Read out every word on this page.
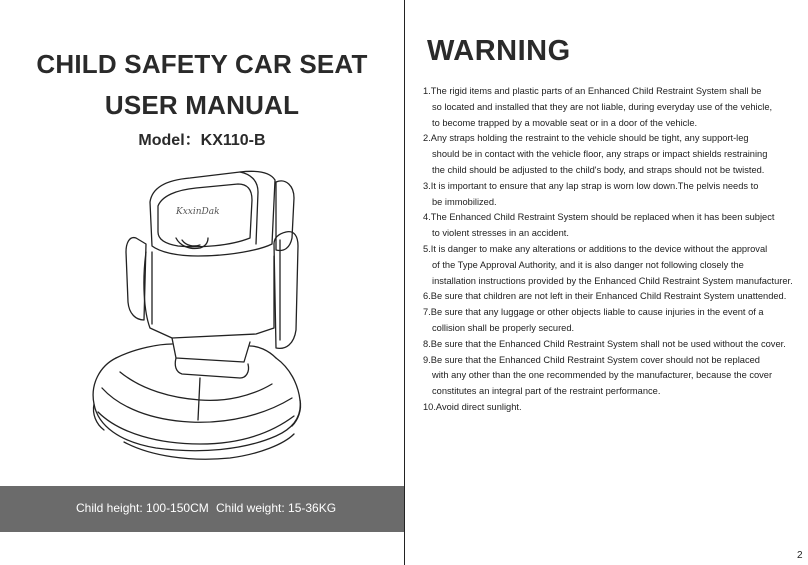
CHILD SAFETY CAR SEAT
USER MANUAL
Model：KX110-B
KxxinDak
Child height: 100-150CM Child weight: 15-36KG
WARNING
1.The rigid items and plastic parts of an Enhanced Child Restraint System shall be
so located and installed that they are not liable, during everyday use of the vehicle,
to become trapped by a movable seat or in a door of the vehicle.
2.Any straps holding the restraint to the vehicle should be tight, any support-leg
should be in contact with the vehicle floor, any straps or impact shields restraining
the child should be adjusted to the child's body, and straps should not be twisted.
3.It is important to ensure that any lap strap is worn low down.The pelvis needs to
be immobilized.
4.The Enhanced Child Restraint System should be replaced when it has been subject
to violent stresses in an accident.
5.It is danger to make any alterations or additions to the device without the approval
of the Type Approval Authority, and it is also danger not following closely the
installation instructions provided by the Enhanced Child Restraint System manufacturer.
6.Be sure that children are not left in their Enhanced Child Restraint System unattended.
7.Be sure that any luggage or other objects liable to cause injuries in the event of a
collision shall be properly secured.
8.Be sure that the Enhanced Child Restraint System shall not be used without the cover.
9.Be sure that the Enhanced Child Restraint System cover should not be replaced
with any other than the one recommended by the manufacturer, because the cover
constitutes an integral part of the restraint performance.
10.Avoid direct sunlight.
2
